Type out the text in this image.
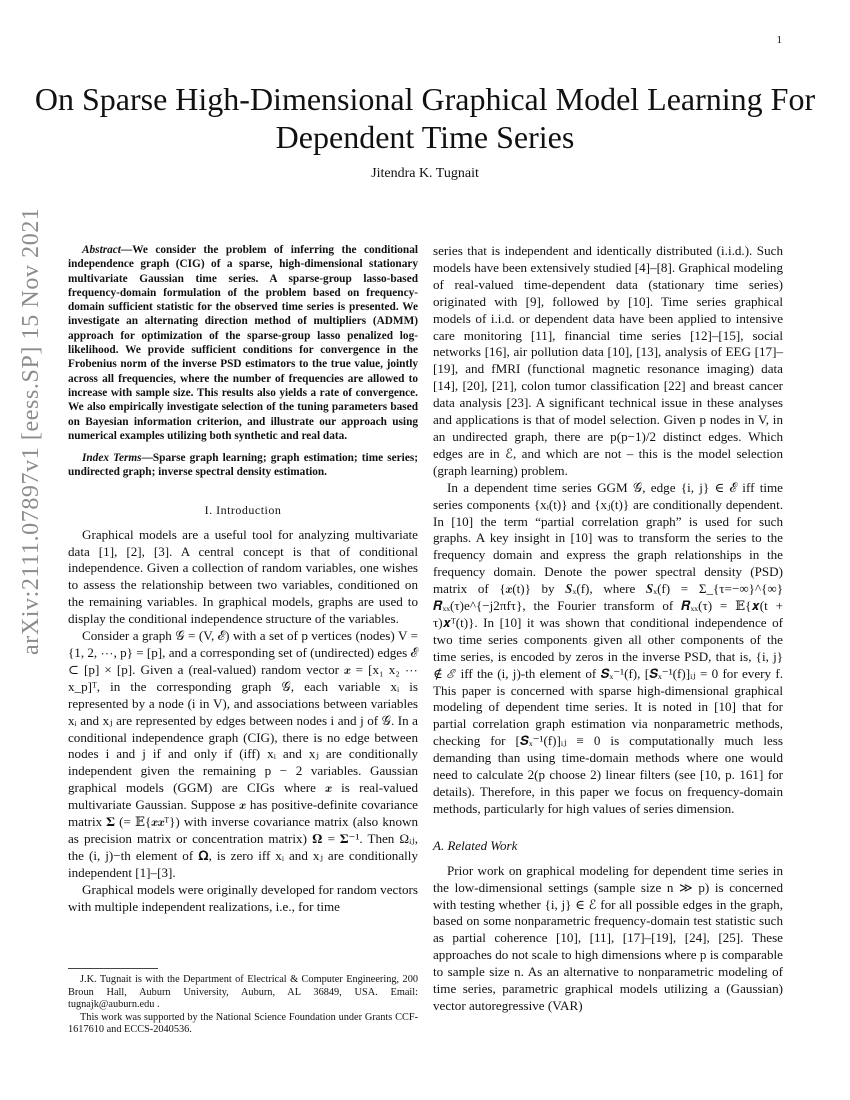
1
arXiv:2111.07897v1 [eess.SP] 15 Nov 2021
On Sparse High-Dimensional Graphical Model Learning For Dependent Time Series
Jitendra K. Tugnait
Abstract—We consider the problem of inferring the conditional independence graph (CIG) of a sparse, high-dimensional stationary multivariate Gaussian time series. A sparse-group lasso-based frequency-domain formulation of the problem based on frequency-domain sufficient statistic for the observed time series is presented. We investigate an alternating direction method of multipliers (ADMM) approach for optimization of the sparse-group lasso penalized log-likelihood. We provide sufficient conditions for convergence in the Frobenius norm of the inverse PSD estimators to the true value, jointly across all frequencies, where the number of frequencies are allowed to increase with sample size. This results also yields a rate of convergence. We also empirically investigate selection of the tuning parameters based on Bayesian information criterion, and illustrate our approach using numerical examples utilizing both synthetic and real data.
Index Terms—Sparse graph learning; graph estimation; time series; undirected graph; inverse spectral density estimation.
I. Introduction

Graphical models are a useful tool for analyzing multivariate data [1], [2], [3]. A central concept is that of conditional independence. Given a collection of random variables, one wishes to assess the relationship between two variables, conditioned on the remaining variables. In graphical models, graphs are used to display the conditional independence structure of the variables.

Consider a graph 𝒢 = (V, ℰ) with a set of p vertices (nodes) V = {1, 2, ⋯, p} = [p], and a corresponding set of (undirected) edges ℰ ⊂ [p] × [p]. Given a (real-valued) random vector 𝒙 = [x₁ x₂ ⋯ x_p]ᵀ, in the corresponding graph 𝒢, each variable xᵢ is represented by a node (i in V), and associations between variables xᵢ and xⱼ are represented by edges between nodes i and j of 𝒢. In a conditional independence graph (CIG), there is no edge between nodes i and j if and only if (iff) xᵢ and xⱼ are conditionally independent given the remaining p − 2 variables. Gaussian graphical models (GGM) are CIGs where 𝒙 is real-valued multivariate Gaussian. Suppose 𝒙 has positive-definite covariance matrix 𝚺 (= 𝔼{𝒙𝒙ᵀ}) with inverse covariance matrix (also known as precision matrix or concentration matrix) 𝛀 = 𝚺⁻¹. Then Ωᵢⱼ, the (i, j)−th element of 𝛀, is zero iff xᵢ and xⱼ are conditionally independent [1]–[3].

Graphical models were originally developed for random vectors with multiple independent realizations, i.e., for time

J.K. Tugnait is with the Department of Electrical & Computer Engineering, 200 Broun Hall, Auburn University, Auburn, AL 36849, USA. Email: tugnajk@auburn.edu .

This work was supported by the National Science Foundation under Grants CCF-1617610 and ECCS-2040536.

series that is independent and identically distributed (i.i.d.). Such models have been extensively studied [4]–[8]. Graphical modeling of real-valued time-dependent data (stationary time series) originated with [9], followed by [10]. Time series graphical models of i.i.d. or dependent data have been applied to intensive care monitoring [11], financial time series [12]–[15], social networks [16], air pollution data [10], [13], analysis of EEG [17]–[19], and fMRI (functional magnetic resonance imaging) data [14], [20], [21], colon tumor classification [22] and breast cancer data analysis [23]. A significant technical issue in these analyses and applications is that of model selection. Given p nodes in V, in an undirected graph, there are p(p−1)/2 distinct edges. Which edges are in ℰ, and which are not – this is the model selection (graph learning) problem.

In a dependent time series GGM 𝒢, edge {i, j} ∈ ℰ iff time series components {xᵢ(t)} and {xⱼ(t)} are conditionally dependent. In [10] the term “partial correlation graph” is used for such graphs. A key insight in [10] was to transform the series to the frequency domain and express the graph relationships in the frequency domain. Denote the power spectral density (PSD) matrix of {𝒙(t)} by 𝑺ₓ(f), where 𝑺ₓ(f) = Σ_{τ=−∞}^{∞} 𝑹ₓₓ(τ)e^{−j2πfτ}, the Fourier transform of 𝑹ₓₓ(τ) = 𝔼{𝒙(t + τ)𝒙ᵀ(t)}. In [10] it was shown that conditional independence of two time series components given all other components of the time series, is encoded by zeros in the inverse PSD, that is, {i, j} ∉ ℰ iff the (i, j)-th element of 𝑺ₓ⁻¹(f), [𝑺ₓ⁻¹(f)]ᵢⱼ = 0 for every f. This paper is concerned with sparse high-dimensional graphical modeling of dependent time series. It is noted in [10] that for partial correlation graph estimation via nonparametric methods, checking for [𝑺ₓ⁻¹(f)]ᵢⱼ ≡ 0 is computationally much less demanding than using time-domain methods where one would need to calculate 2(p choose 2) linear filters (see [10, p. 161] for details). Therefore, in this paper we focus on frequency-domain methods, particularly for high values of series dimension.

A. Related Work

Prior work on graphical modeling for dependent time series in the low-dimensional settings (sample size n ≫ p) is concerned with testing whether {i, j} ∈ ℰ for all possible edges in the graph, based on some nonparametric frequency-domain test statistic such as partial coherence [10], [11], [17]–[19], [24], [25]. These approaches do not scale to high dimensions where p is comparable to sample size n. As an alternative to nonparametric modeling of time series, parametric graphical models utilizing a (Gaussian) vector autoregressive (VAR)
